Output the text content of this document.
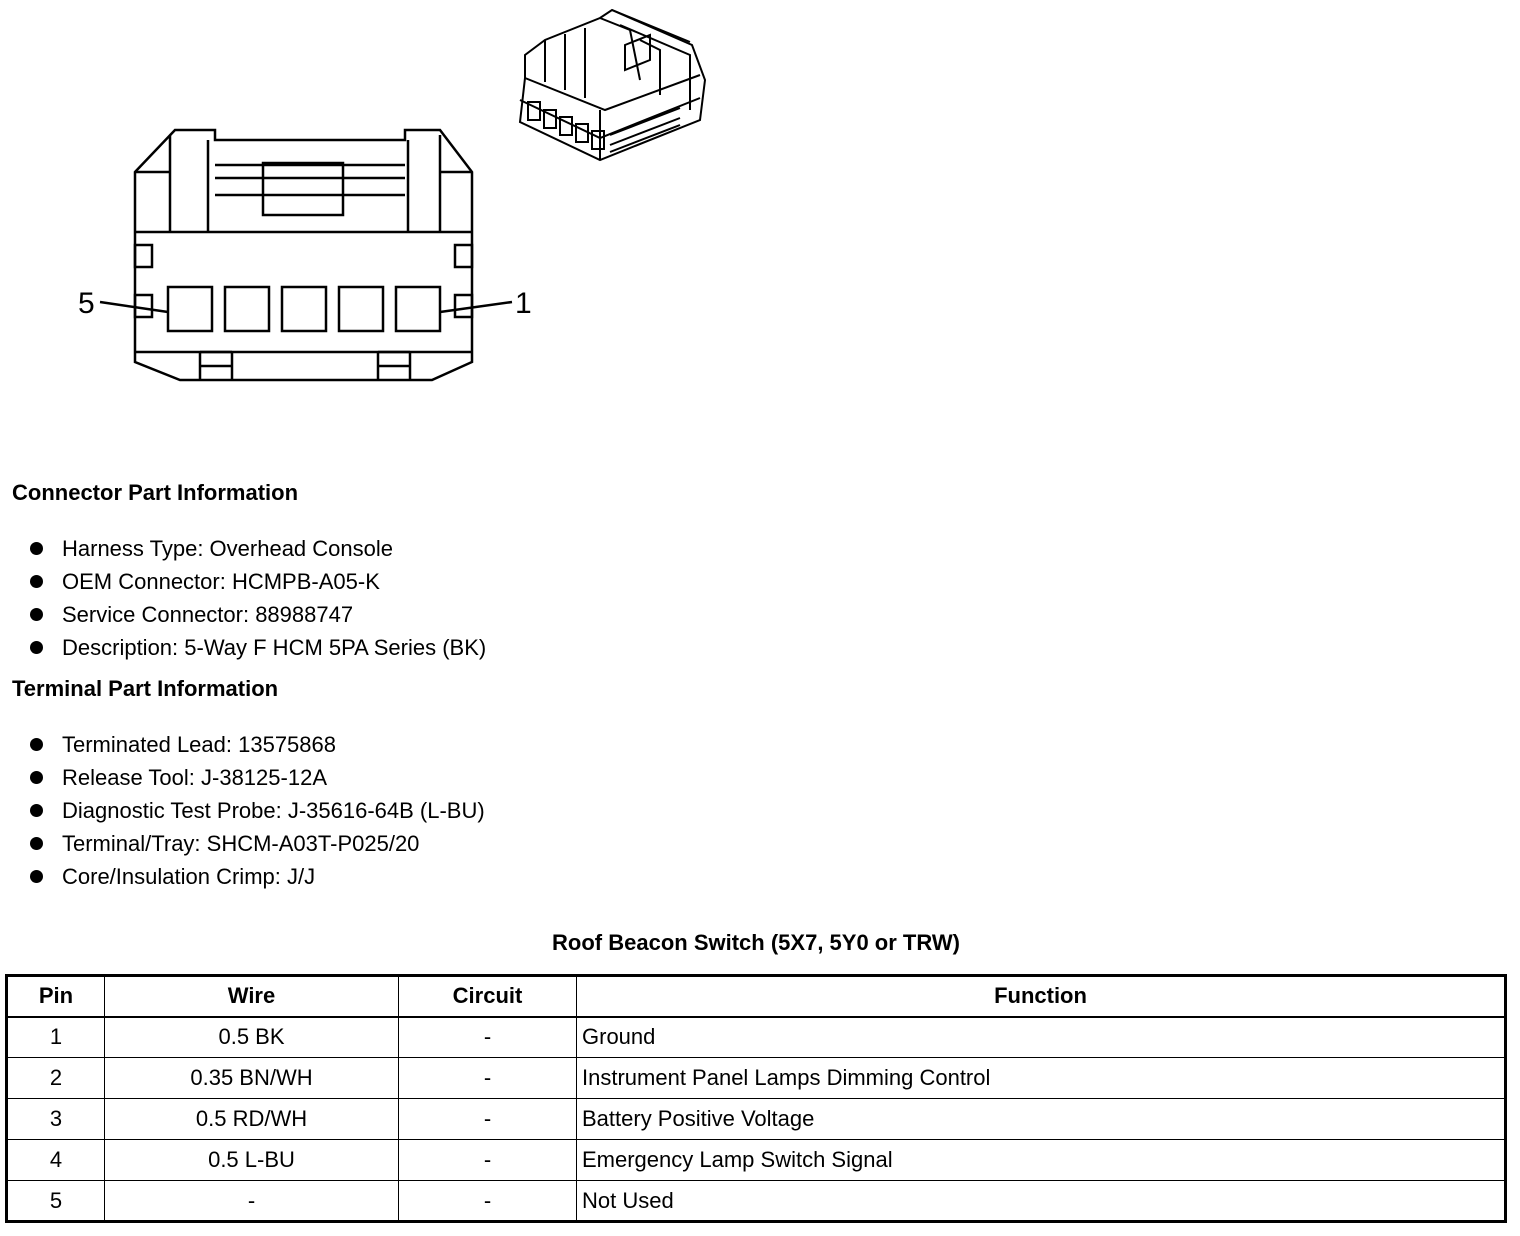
5	1
Connector Part Information
Harness Type: Overhead Console
OEM Connector: HCMPB-A05-K
Service Connector: 88988747
Description: 5-Way F HCM 5PA Series (BK)
Terminal Part Information
Terminated Lead: 13575868
Release Tool: J-38125-12A
Diagnostic Test Probe: J-35616-64B (L-BU)
Terminal/Tray: SHCM-A03T-P025/20
Core/Insulation Crimp: J/J
Roof Beacon Switch (5X7, 5Y0 or TRW)
Pin	Wire	Circuit	Function
1	0.5 BK	-	Ground
2	0.35 BN/WH	-	Instrument Panel Lamps Dimming Control
3	0.5 RD/WH	-	Battery Positive Voltage
4	0.5 L-BU	-	Emergency Lamp Switch Signal
5	-	-	Not Used
